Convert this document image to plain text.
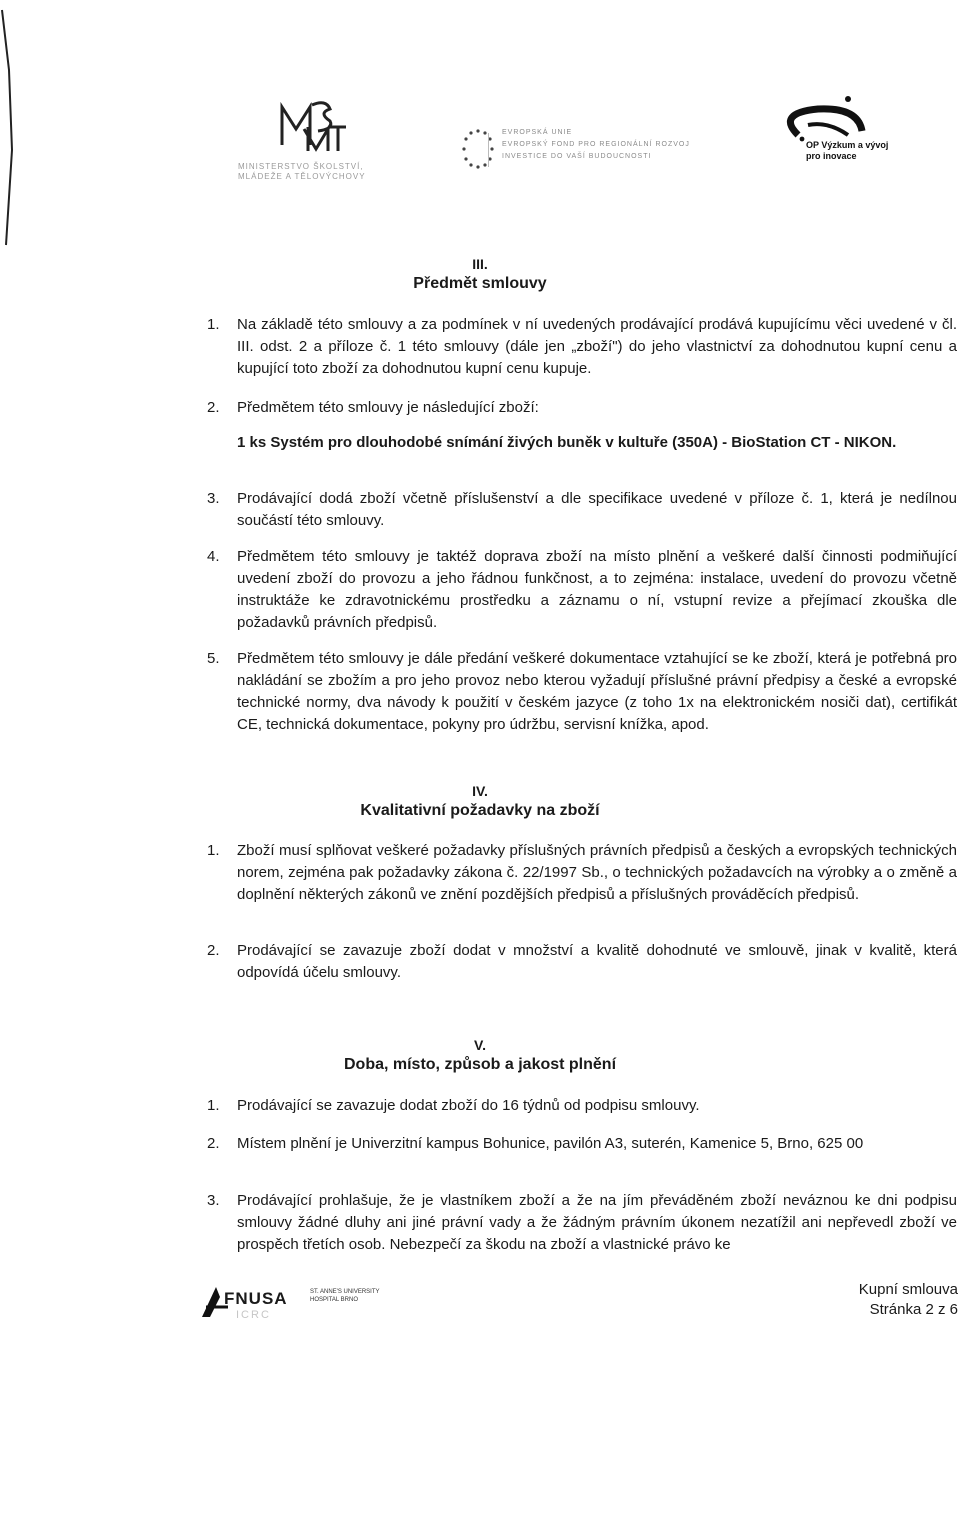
MINISTERSTVO ŠKOLSTVÍ,
MLÁDEŽE A TĚLOVÝCHOVY
EVROPSKÁ UNIE
EVROPSKÝ FOND PRO REGIONÁLNÍ ROZVOJ
INVESTICE DO VAŠÍ BUDOUCNOSTI
OP Výzkum a vývoj
pro inovace
III.
Předmět smlouvy
1.	Na základě této smlouvy a za podmínek v ní uvedených prodávající prodává kupujícímu věci uvedené v čl. III. odst. 2 a příloze č. 1 této smlouvy (dále jen „zboží") do jeho vlastnictví za dohodnutou kupní cenu a kupující toto zboží za dohodnutou kupní cenu kupuje.
2.	Předmětem této smlouvy je následující zboží:
1 ks Systém pro dlouhodobé snímání živých buněk v kultuře (350A) - BioStation CT - NIKON.
3.	Prodávající dodá zboží včetně příslušenství a dle specifikace uvedené v příloze č. 1, která je nedílnou součástí této smlouvy.
4.	Předmětem této smlouvy je taktéž doprava zboží na místo plnění a veškeré další činnosti podmiňující uvedení zboží do provozu a jeho řádnou funkčnost, a to zejména: instalace, uvedení do provozu včetně instruktáže ke zdravotnickému prostředku a záznamu o ní, vstupní revize a přejímací zkouška dle požadavků právních předpisů.
5.	Předmětem této smlouvy je dále předání veškeré dokumentace vztahující se ke zboží, která je potřebná pro nakládání se zbožím a pro jeho provoz nebo kterou vyžadují příslušné právní předpisy a české a evropské technické normy, dva návody k použití v českém jazyce (z toho 1x na elektronickém nosiči dat), certifikát CE, technická dokumentace, pokyny pro údržbu, servisní knížka, apod.
IV.
Kvalitativní požadavky na zboží
1.	Zboží musí splňovat veškeré požadavky příslušných právních předpisů a českých a evropských technických norem, zejména pak požadavky zákona č. 22/1997 Sb., o technických požadavcích na výrobky a o změně a doplnění některých zákonů ve znění pozdějších předpisů a příslušných prováděcích předpisů.
2.	Prodávající se zavazuje zboží dodat v množství a kvalitě dohodnuté ve smlouvě, jinak v kvalitě, která odpovídá účelu smlouvy.
V.
Doba, místo, způsob a jakost plnění
1.	Prodávající se zavazuje dodat zboží do 16 týdnů od podpisu smlouvy.
2.	Místem plnění je Univerzitní kampus Bohunice, pavilón A3, suterén, Kamenice 5, Brno, 625 00
3.	Prodávající prohlašuje, že je vlastníkem zboží a že na jím převáděném zboží neváznou ke dni podpisu smlouvy žádné dluhy ani jiné právní vady a že žádným právním úkonem nezatížil ani nepřevedl zboží ve prospěch třetích osob. Nebezpečí za škodu na zboží a vlastnické právo ke
FNUSA	ST. ANNE'S UNIVERSITY
HOSPITAL BRNO
ICRC
Kupní smlouva
Stránka 2 z 6
